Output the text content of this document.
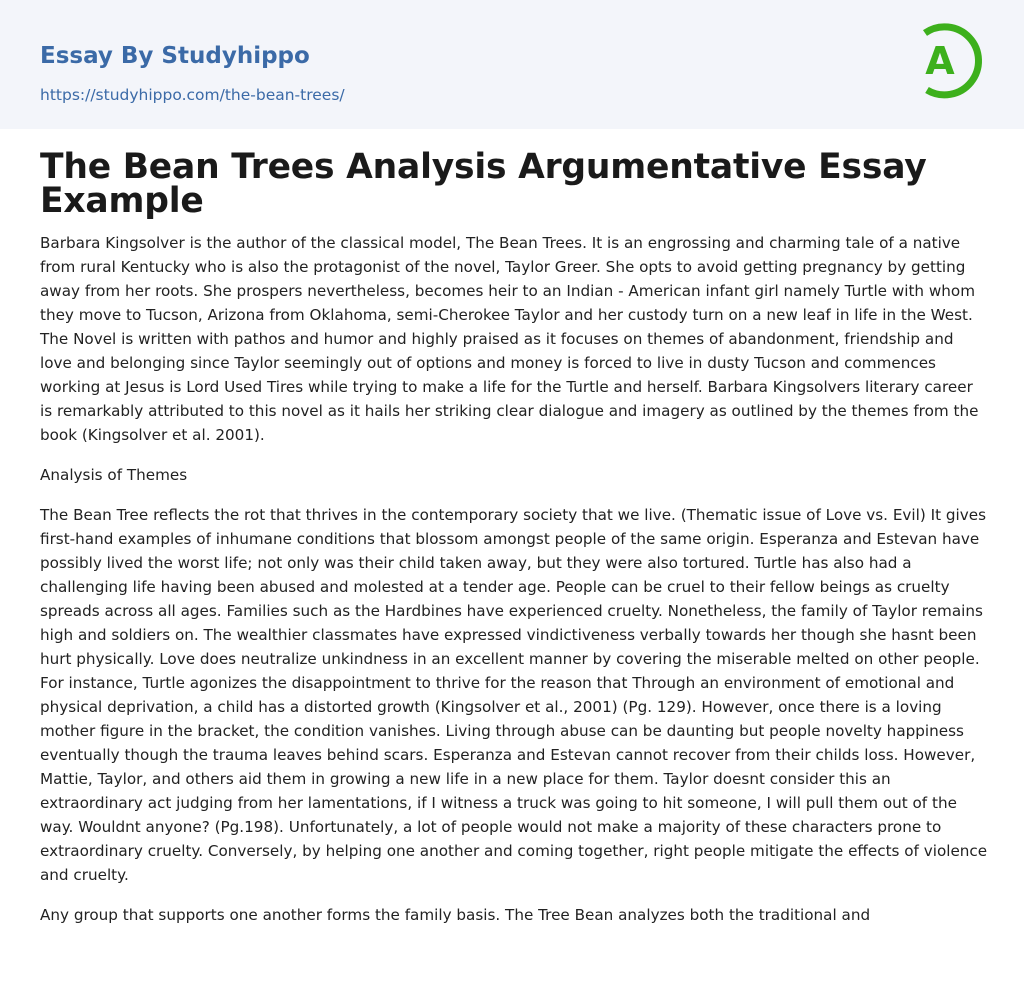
Essay By Studyhippo
https://studyhippo.com/the-bean-trees/
A
The Bean Trees Analysis Argumentative Essay Example

Barbara Kingsolver is the author of the classical model, The Bean Trees. It is an engrossing and charming tale of a native from rural Kentucky who is also the protagonist of the novel, Taylor Greer. She opts to avoid getting pregnancy by getting away from her roots. She prospers nevertheless, becomes heir to an Indian - American infant girl namely Turtle with whom they move to Tucson, Arizona from Oklahoma, semi-Cherokee Taylor and her custody turn on a new leaf in life in the West. The Novel is written with pathos and humor and highly praised as it focuses on themes of abandonment, friendship and love and belonging since Taylor seemingly out of options and money is forced to live in dusty Tucson and commences working at Jesus is Lord Used Tires while trying to make a life for the Turtle and herself. Barbara Kingsolvers literary career is remarkably attributed to this novel as it hails her striking clear dialogue and imagery as outlined by the themes from the book (Kingsolver et al. 2001).

Analysis of Themes

The Bean Tree reflects the rot that thrives in the contemporary society that we live. (Thematic issue of Love vs. Evil) It gives first-hand examples of inhumane conditions that blossom amongst people of the same origin. Esperanza and Estevan have possibly lived the worst life; not only was their child taken away, but they were also tortured. Turtle has also had a challenging life having been abused and molested at a tender age. People can be cruel to their fellow beings as cruelty spreads across all ages. Families such as the Hardbines have experienced cruelty. Nonetheless, the family of Taylor remains high and soldiers on. The wealthier classmates have expressed vindictiveness verbally towards her though she hasnt been hurt physically. Love does neutralize unkindness in an excellent manner by covering the miserable melted on other people. For instance, Turtle agonizes the disappointment to thrive for the reason that Through an environment of emotional and physical deprivation, a child has a distorted growth (Kingsolver et al., 2001) (Pg. 129). However, once there is a loving mother figure in the bracket, the condition vanishes. Living through abuse can be daunting but people novelty happiness eventually though the trauma leaves behind scars. Esperanza and Estevan cannot recover from their childs loss. However, Mattie, Taylor, and others aid them in growing a new life in a new place for them. Taylor doesnt consider this an extraordinary act judging from her lamentations, if I witness a truck was going to hit someone, I will pull them out of the way. Wouldnt anyone? (Pg.198). Unfortunately, a lot of people would not make a majority of these characters prone to extraordinary cruelty. Conversely, by helping one another and coming together, right people mitigate the effects of violence and cruelty.

Any group that supports one another forms the family basis. The Tree Bean analyzes both the traditional and
